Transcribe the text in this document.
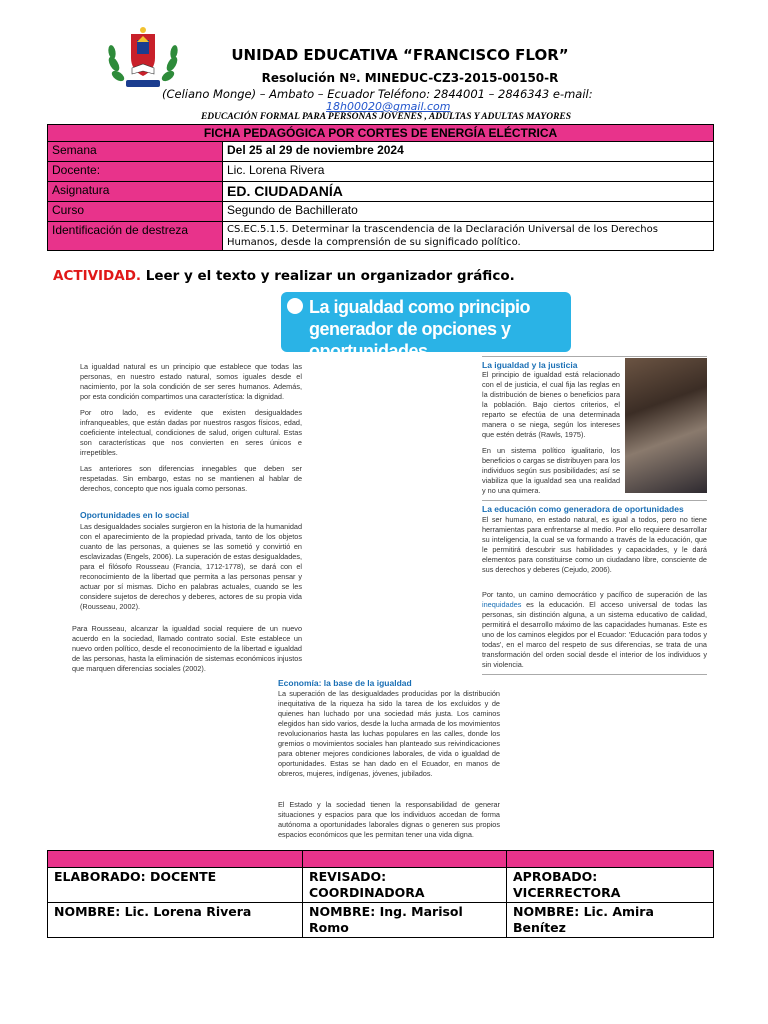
UNIDAD EDUCATIVA “FRANCISCO FLOR”
Resolución Nº. MINEDUC-CZ3-2015-00150-R
(Celiano Monge) – Ambato – Ecuador Teléfono: 2844001 – 2846343 e-mail:
18h00020@gmail.com
EDUCACIÓN FORMAL PARA PERSONAS JOVENES , ADULTAS Y ADULTAS MAYORES
FICHA PEDAGÓGICA POR CORTES DE ENERGÍA ELÉCTRICA	
Semana	Del 25 al 29 de noviembre 2024
Docente:	Lic. Lorena Rivera
Asignatura	ED. CIUDADANÍA
Curso	Segundo de Bachillerato
Identificación de destreza	CS.EC.5.1.5. Determinar la trascendencia de la Declaración Universal de los Derechos Humanos, desde la comprensión de su significado político.
ACTIVIDAD. Leer y el texto y realizar un organizador gráfico.
La igualdad como principio generador de opciones y oportunidades
La igualdad natural es un principio que establece que todas las personas, en nuestro estado natural, somos iguales desde el nacimiento, por la sola condición de ser seres humanos. Además, por esta condición compartimos una característica: la dignidad.
Por otro lado, es evidente que existen desigualdades infranqueables, que están dadas por nuestros rasgos físicos, edad, coeficiente intelectual, condiciones de salud, origen cultural. Estas son características que nos convierten en seres únicos e irrepetibles.
Las anteriores son diferencias innegables que deben ser respetadas. Sin embargo, estas no se mantienen al hablar de derechos, concepto que nos iguala como personas.
Oportunidades en lo social
Las desigualdades sociales surgieron en la historia de la humanidad con el aparecimiento de la propiedad privada, tanto de los objetos cuanto de las personas, a quienes se las sometió y convirtió en esclavizadas (Engels, 2006). La superación de estas desigualdades, para el filósofo Rousseau (Francia, 1712-1778), se dará con el reconocimiento de la libertad que permita a las personas pensar y actuar por sí mismas. Dicho en palabras actuales, cuando se les considere sujetos de derechos y deberes, actores de su propia vida (Rousseau, 2002).
Para Rousseau, alcanzar la igualdad social requiere de un nuevo acuerdo en la sociedad, llamado contrato social. Este establece un nuevo orden político, desde el reconocimiento de la libertad e igualdad de las personas, hasta la eliminación de sistemas económicos injustos que marquen diferencias sociales (2002).
La igualdad y la justicia
El principio de igualdad está relacionado con el de justicia, el cual fija las reglas en la distribución de bienes o beneficios para la población. Bajo ciertos criterios, el reparto se efectúa de una determinada manera o se niega, según los intereses que estén detrás (Rawls, 1975).
En un sistema político igualitario, los beneficios o cargas se distribuyen para los individuos según sus posibilidades; así se viabiliza que la igualdad sea una realidad y no una quimera.
La educación como generadora de oportunidades
El ser humano, en estado natural, es igual a todos, pero no tiene herramientas para enfrentarse al medio. Por ello requiere desarrollar su inteligencia, la cual se va formando a través de la educación, que le permitirá descubrir sus habilidades y capacidades, y le dará elementos para constituirse como un ciudadano libre, consciente de sus derechos y deberes (Cejudo, 2006).
Por tanto, un camino democrático y pacífico de superación de las inequidades es la educación. El acceso universal de todas las personas, sin distinción alguna, a un sistema educativo de calidad, permitirá el desarrollo máximo de las capacidades humanas. Este es uno de los caminos elegidos por el Ecuador: 'Educación para todos y todas', en el marco del respeto de sus diferencias, se trata de una transformación del orden social desde el interior de los individuos y sin violencia.
Economía: la base de la igualdad
La superación de las desigualdades producidas por la distribución inequitativa de la riqueza ha sido la tarea de los excluidos y de quienes han luchado por una sociedad más justa. Los caminos elegidos han sido varios, desde la lucha armada de los movimientos revolucionarios hasta las luchas populares en las calles, donde los gremios o movimientos sociales han planteado sus reivindicaciones para obtener mejores condiciones laborales, de vida o igualdad de oportunidades. Estas se han dado en el Ecuador, en manos de obreros, mujeres, indígenas, jóvenes, jubilados.
El Estado y la sociedad tienen la responsabilidad de generar situaciones y espacios para que los individuos accedan de forma autónoma a oportunidades laborales dignas o generen sus propios espacios económicos que les permitan tener una vida digna.

ELABORADO: DOCENTE	REVISADO: COORDINADORA	APROBADO: VICERRECTORA
NOMBRE: Lic. Lorena Rivera	NOMBRE: Ing. Marisol Romo	NOMBRE: Lic. Amira Benítez
